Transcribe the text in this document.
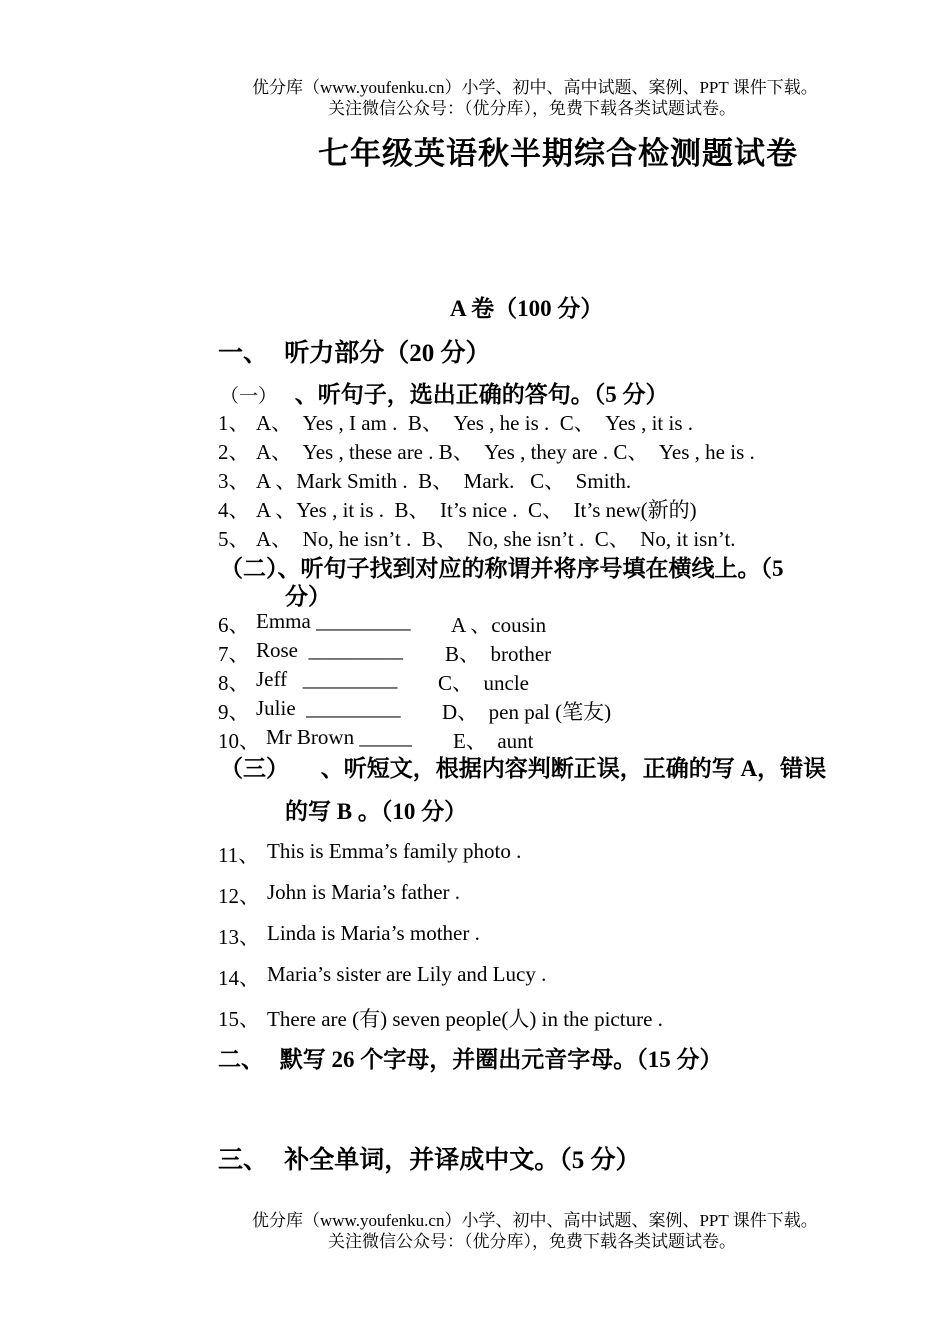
优分库（www.youfenku.cn）小学、初中、高中试题、案例、PPT 课件下载。
关注微信公众号：（优分库），免费下载各类试题试卷。
七年级英语秋半期综合检测题试卷
A 卷（100 分）
一、 听力部分（20 分）
（一） 、听句子，选出正确的答句。（5 分）
1、 A、  Yes , I am .  B、  Yes , he is .  C、  Yes , it is .
2、 A、  Yes , these are . B、  Yes , they are . C、  Yes , he is .
3、 A 、Mark Smith .  B、  Mark.   C、  Smith.
4、 A 、Yes , it is .  B、  It’s nice .  C、  It’s new(新的)
5、 A、  No, he isn’t .  B、  No, she isn’t .  C、  No, it isn’t.
（二）、听句子找到对应的称谓并将序号填在横线上。（5
分）
6、 Emma _________ A 、cousin
7、 Rose  _________ B、  brother
8、 Jeff   _________ C、  uncle
9、 Julie  _________ D、  pen pal (笔友)
10、 Mr Brown _____ E、  aunt
（三） 、听短文，根据内容判断正误，正确的写 A，错误
的写 B 。（10 分）
11、 This is Emma’s family photo .
12、 John is Maria’s father .
13、 Linda is Maria’s mother .
14、 Maria’s sister are Lily and Lucy .
15、 There are (有) seven people(人) in the picture .
二、 默写 26 个字母，并圈出元音字母。（15 分）
三、 补全单词，并译成中文。（5 分）
优分库（www.youfenku.cn）小学、初中、高中试题、案例、PPT 课件下载。
关注微信公众号：（优分库），免费下载各类试题试卷。
